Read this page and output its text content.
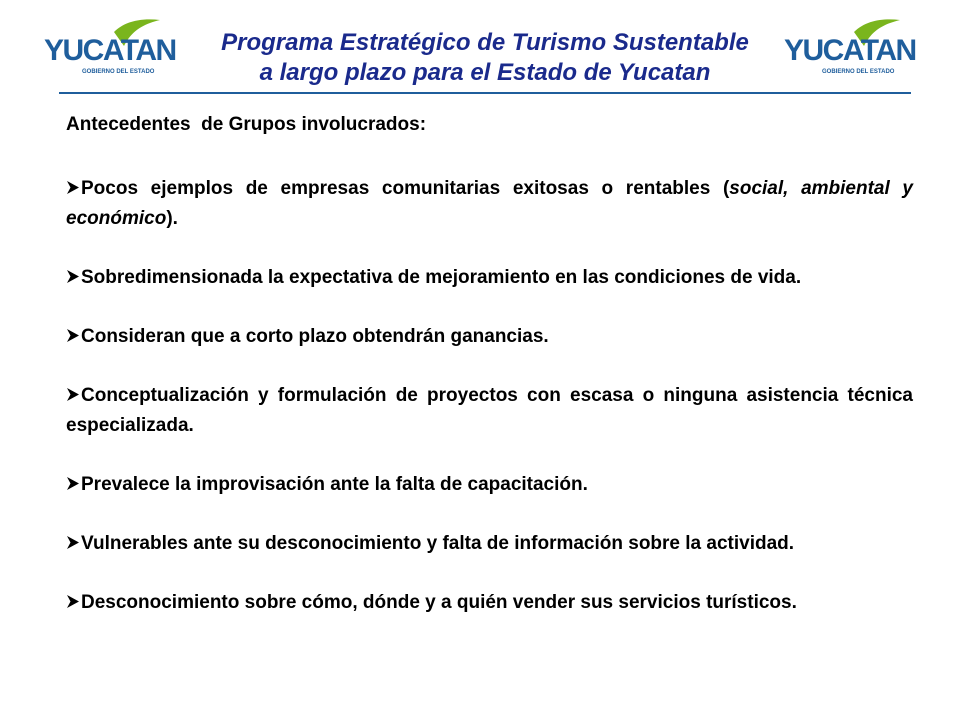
YUCATAN
GOBIERNO DEL ESTADO
Programa Estratégico de Turismo Sustentable
a largo plazo para el Estado de Yucatan
YUCATAN
GOBIERNO DEL ESTADO
Antecedentes  de Grupos involucrados:
Pocos ejemplos de empresas comunitarias exitosas o rentables (social, ambiental y económico).
Sobredimensionada la expectativa de mejoramiento en las condiciones de vida.
Consideran que a corto plazo obtendrán ganancias.
Conceptualización y formulación de proyectos con escasa o ninguna asistencia técnica especializada.
Prevalece la improvisación ante la falta de capacitación.
Vulnerables ante su desconocimiento y falta de información sobre la actividad.
Desconocimiento sobre cómo, dónde y a quién vender sus servicios turísticos.
